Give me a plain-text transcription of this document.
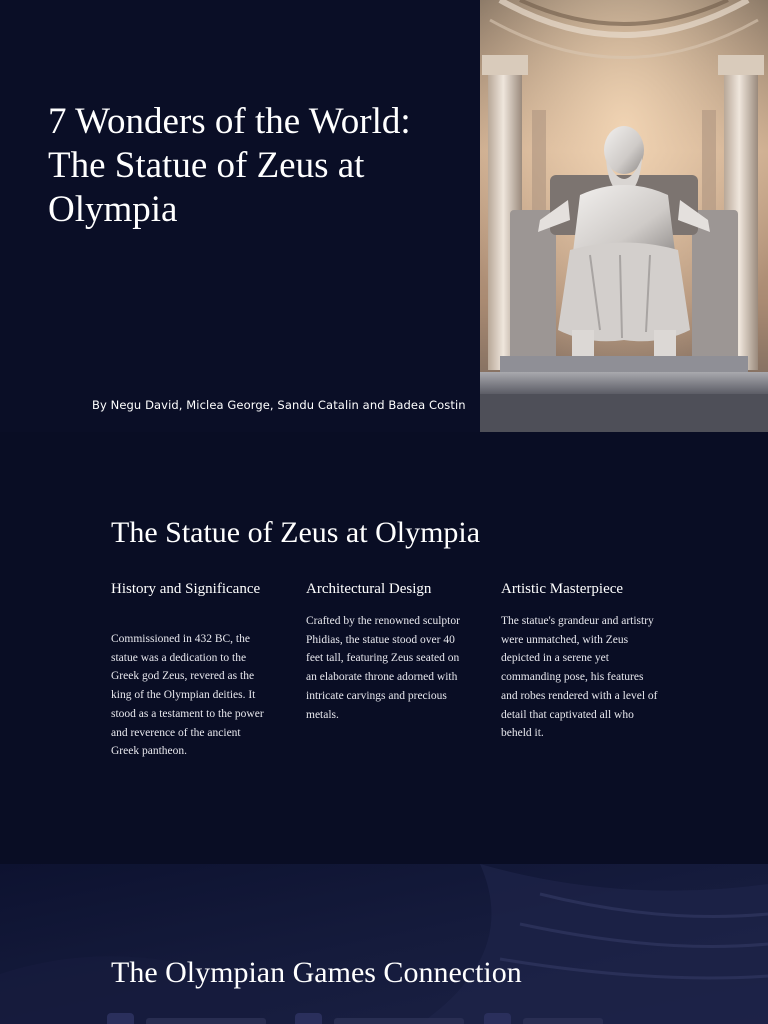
7 Wonders of the World: The Statue of Zeus at Olympia
By Negu David, Miclea George, Sandu Catalin and Badea Costin
The Statue of Zeus at Olympia
History and Significance

Commissioned in 432 BC, the statue was a dedication to the Greek god Zeus, revered as the king of the Olympian deities. It stood as a testament to the power and reverence of the ancient Greek pantheon.

Architectural Design

Crafted by the renowned sculptor Phidias, the statue stood over 40 feet tall, featuring Zeus seated on an elaborate throne adorned with intricate carvings and precious metals.

Artistic Masterpiece

The statue's grandeur and artistry were unmatched, with Zeus depicted in a serene yet commanding pose, his features and robes rendered with a level of detail that captivated all who beheld it.

The Olympian Games Connection
